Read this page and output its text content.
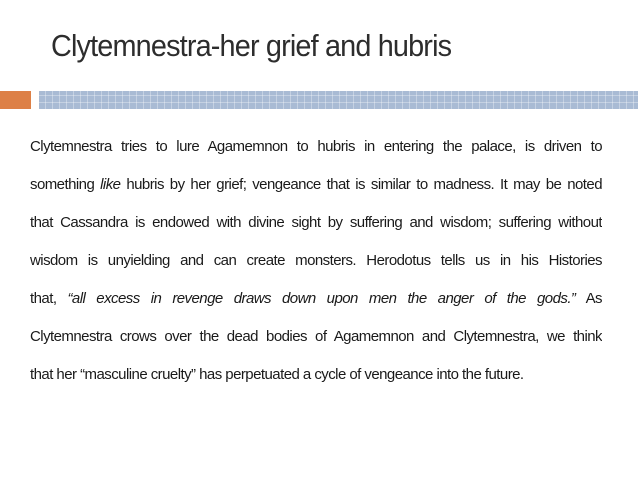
Clytemnestra-her grief and hubris
Clytemnestra tries to lure Agamemnon to hubris in entering the palace, is driven to
something like hubris by her grief; vengeance that is similar to madness. It may be noted
that Cassandra is endowed with divine sight by suffering and wisdom; suffering without
wisdom is unyielding and can create monsters. Herodotus tells us in his Histories
that, “all excess in revenge draws down upon men the anger of the gods.” As
Clytemnestra crows over the dead bodies of Agamemnon and Clytemnestra, we think
that her “masculine cruelty” has perpetuated a cycle of vengeance into the future.
